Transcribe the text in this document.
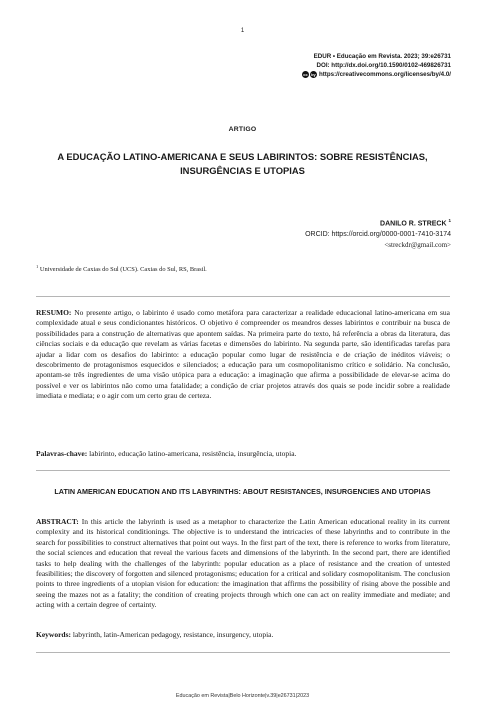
1
EDUR • Educação em Revista. 2023; 39:e26731
DOI: http://dx.doi.org/10.1590/0102-469826731
cc by https://creativecommons.org/licenses/by/4.0/
ARTIGO
A EDUCAÇÃO LATINO-AMERICANA E SEUS LABIRINTOS: SOBRE RESISTÊNCIAS, INSURGÊNCIAS E UTOPIAS
DANILO R. STRECK $^1$
ORCID: https://orcid.org/0000-0001-7410-3174
<streckdr@gmail.com>
$^1$ Universidade de Caxias do Sul (UCS). Caxias do Sul, RS, Brasil.

RESUMO: No presente artigo, o labirinto é usado como metáfora para caracterizar a realidade educacional latino-americana em sua complexidade atual e seus condicionantes históricos. O objetivo é compreender os meandros desses labirintos e contribuir na busca de possibilidades para a construção de alternativas que apontem saídas. Na primeira parte do texto, há referência a obras da literatura, das ciências sociais e da educação que revelam as várias facetas e dimensões do labirinto. Na segunda parte, são identificadas tarefas para ajudar a lidar com os desafios do labirinto: a educação popular como lugar de resistência e de criação de inéditos viáveis; o descobrimento de protagonismos esquecidos e silenciados; a educação para um cosmopolitanismo crítico e solidário. Na conclusão, apontam-se três ingredientes de uma visão utópica para a educação: a imaginação que afirma a possibilidade de elevar-se acima do possível e ver os labirintos não como uma fatalidade; a condição de criar projetos através dos quais se pode incidir sobre a realidade imediata e mediata; e o agir com um certo grau de certeza.

Palavras-chave: labirinto, educação latino-americana, resistência, insurgência, utopia.

LATIN AMERICAN EDUCATION AND ITS LABYRINTHS: ABOUT RESISTANCES, INSURGENCIES AND UTOPIAS

ABSTRACT: In this article the labyrinth is used as a metaphor to characterize the Latin American educational reality in its current complexity and its historical conditionings. The objective is to understand the intricacies of these labyrinths and to contribute in the search for possibilities to construct alternatives that point out ways. In the first part of the text, there is reference to works from literature, the social sciences and education that reveal the various facets and dimensions of the labyrinth. In the second part, there are identified tasks to help dealing with the challenges of the labyrinth: popular education as a place of resistance and the creation of untested feasibilities; the discovery of forgotten and silenced protagonisms; education for a critical and solidary cosmopolitanism. The conclusion points to three ingredients of a utopian vision for education: the imagination that affirms the possibility of rising above the possible and seeing the mazes not as a fatality; the condition of creating projects through which one can act on reality immediate and mediate; and acting with a certain degree of certainty.

Keywords: labyrinth, latin-American pedagogy, resistance, insurgency, utopia.

Educação em Revista|Belo Horizonte|v.39|e26731|2023
